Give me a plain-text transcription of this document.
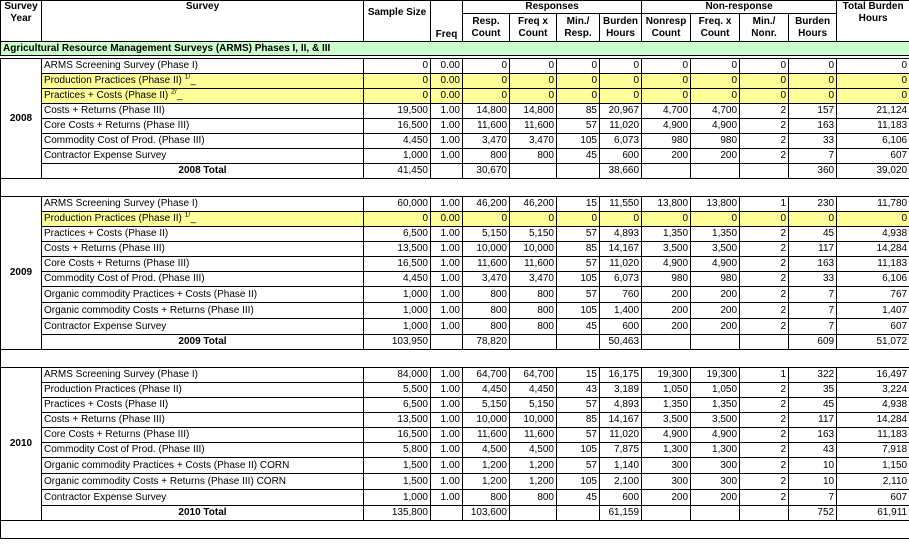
Survey Year	Survey	Sample Size	Freq	Responses				Non-response				Total Burden Hours
				Resp. Count	Freq x Count	Min./ Resp.	Burden Hours	Nonresp Count	Freq. x Count	Min./ Nonr.	Burden Hours	
Agricultural Resource Management Surveys (ARMS) Phases I, II, & III												

2008	ARMS Screening Survey (Phase I)	0	0.00	0	0	0	0	0	0	0	0	0
	Production Practices (Phase II) $^{1/}$_	0	0.00	0	0	0	0	0	0	0	0	0
	Practices + Costs (Phase II) $^{2/}$_	0	0.00	0	0	0	0	0	0	0	0	0
	Costs + Returns (Phase III)	19,500	1.00	14,800	14,800	85	20,967	4,700	4,700	2	157	21,124
	Core Costs + Returns (Phase III)	16,500	1.00	11,600	11,600	57	11,020	4,900	4,900	2	163	11,183
	Commodity Cost of Prod. (Phase III)	4,450	1.00	3,470	3,470	105	6,073	980	980	2	33	6,106
	Contractor Expense Survey	1,000	1.00	800	800	45	600	200	200	2	7	607
	2008 Total	41,450		30,670			38,660				360	39,020

2009	ARMS Screening Survey (Phase I)	60,000	1.00	46,200	46,200	15	11,550	13,800	13,800	1	230	11,780
	Production Practices (Phase II) $^{1/}$_	0	0.00	0	0	0	0	0	0	0	0	0
	Practices + Costs (Phase II)	6,500	1.00	5,150	5,150	57	4,893	1,350	1,350	2	45	4,938
	Costs + Returns (Phase III)	13,500	1.00	10,000	10,000	85	14,167	3,500	3,500	2	117	14,284
	Core Costs + Returns (Phase III)	16,500	1.00	11,600	11,600	57	11,020	4,900	4,900	2	163	11,183
	Commodity Cost of Prod. (Phase III)	4,450	1.00	3,470	3,470	105	6,073	980	980	2	33	6,106
	Organic commodity Practices + Costs (Phase II)	1,000	1.00	800	800	57	760	200	200	2	7	767
	Organic commodity Costs + Returns (Phase III)	1,000	1.00	800	800	105	1,400	200	200	2	7	1,407
	Contractor Expense Survey	1,000	1.00	800	800	45	600	200	200	2	7	607
	2009 Total	103,950		78,820			50,463				609	51,072

2010	ARMS Screening Survey (Phase I)	84,000	1.00	64,700	64,700	15	16,175	19,300	19,300	1	322	16,497
	Production Practices (Phase II)	5,500	1.00	4,450	4,450	43	3,189	1,050	1,050	2	35	3,224
	Practices + Costs (Phase II)	6,500	1.00	5,150	5,150	57	4,893	1,350	1,350	2	45	4,938
	Costs + Returns (Phase III)	13,500	1.00	10,000	10,000	85	14,167	3,500	3,500	2	117	14,284
	Core Costs + Returns (Phase III)	16,500	1.00	11,600	11,600	57	11,020	4,900	4,900	2	163	11,183
	Commodity Cost of Prod. (Phase III)	5,800	1.00	4,500	4,500	105	7,875	1,300	1,300	2	43	7,918
	Organic commodity Practices + Costs (Phase II) CORN	1,500	1.00	1,200	1,200	57	1,140	300	300	2	10	1,150
	Organic commodity Costs + Returns (Phase III) CORN	1,500	1.00	1,200	1,200	105	2,100	300	300	2	10	2,110
	Contractor Expense Survey	1,000	1.00	800	800	45	600	200	200	2	7	607
	2010 Total	135,800		103,600			61,159				752	61,911
